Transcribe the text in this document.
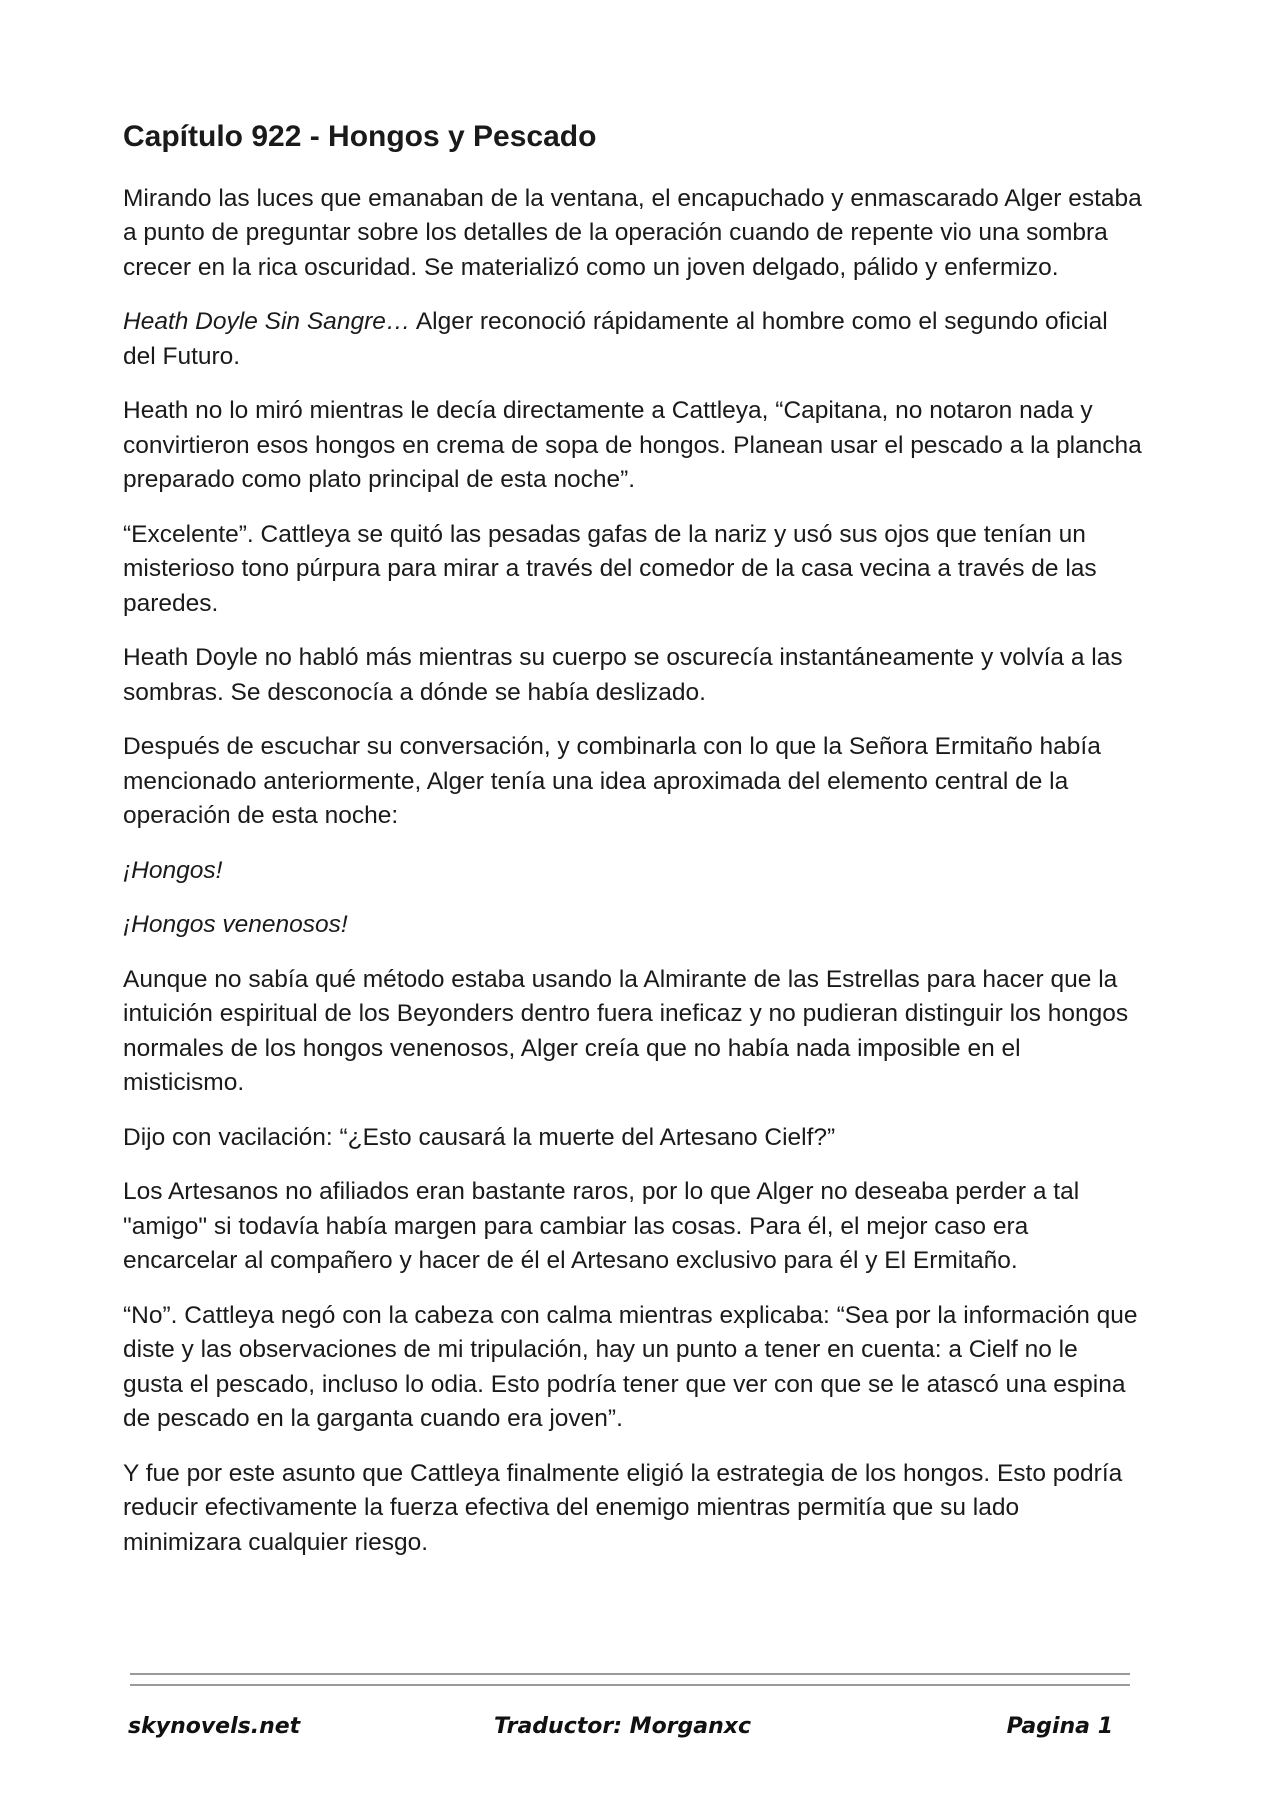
Capítulo 922 - Hongos y Pescado

Mirando las luces que emanaban de la ventana, el encapuchado y enmascarado Alger estaba a punto de preguntar sobre los detalles de la operación cuando de repente vio una sombra crecer en la rica oscuridad. Se materializó como un joven delgado, pálido y enfermizo.

Heath Doyle Sin Sangre… Alger reconoció rápidamente al hombre como el segundo oficial del Futuro.

Heath no lo miró mientras le decía directamente a Cattleya, “Capitana, no notaron nada y convirtieron esos hongos en crema de sopa de hongos. Planean usar el pescado a la plancha preparado como plato principal de esta noche”.

“Excelente”. Cattleya se quitó las pesadas gafas de la nariz y usó sus ojos que tenían un misterioso tono púrpura para mirar a través del comedor de la casa vecina a través de las paredes.

Heath Doyle no habló más mientras su cuerpo se oscurecía instantáneamente y volvía a las sombras. Se desconocía a dónde se había deslizado.

Después de escuchar su conversación, y combinarla con lo que la Señora Ermitaño había mencionado anteriormente, Alger tenía una idea aproximada del elemento central de la operación de esta noche:

¡Hongos!

¡Hongos venenosos!

Aunque no sabía qué método estaba usando la Almirante de las Estrellas para hacer que la intuición espiritual de los Beyonders dentro fuera ineficaz y no pudieran distinguir los hongos normales de los hongos venenosos, Alger creía que no había nada imposible en el misticismo.

Dijo con vacilación: “¿Esto causará la muerte del Artesano Cielf?”

Los Artesanos no afiliados eran bastante raros, por lo que Alger no deseaba perder a tal "amigo" si todavía había margen para cambiar las cosas. Para él, el mejor caso era encarcelar al compañero y hacer de él el Artesano exclusivo para él y El Ermitaño.

“No”. Cattleya negó con la cabeza con calma mientras explicaba: “Sea por la información que diste y las observaciones de mi tripulación, hay un punto a tener en cuenta: a Cielf no le gusta el pescado, incluso lo odia. Esto podría tener que ver con que se le atascó una espina de pescado en la garganta cuando era joven”.

Y fue por este asunto que Cattleya finalmente eligió la estrategia de los hongos. Esto podría reducir efectivamente la fuerza efectiva del enemigo mientras permitía que su lado minimizara cualquier riesgo.

skynovels.net	Traductor: Morganxc	Pagina 1
